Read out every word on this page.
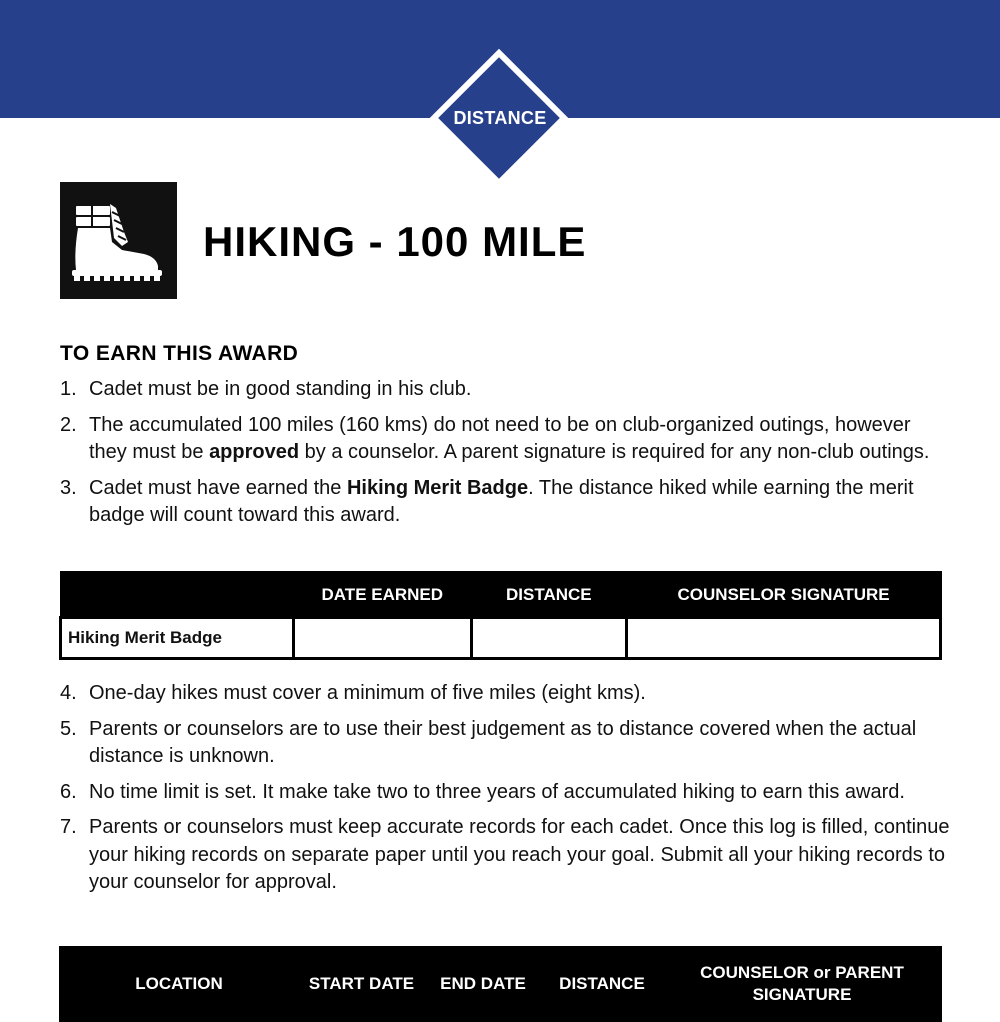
DISTANCE
HIKING - 100 MILE
TO EARN THIS AWARD
1. Cadet must be in good standing in his club.
2. The accumulated 100 miles (160 kms) do not need to be on club-organized outings, however they must be approved by a counselor. A parent signature is required for any non-club outings.
3. Cadet must have earned the Hiking Merit Badge. The distance hiked while earning the merit badge will count toward this award.
	DATE EARNED	DISTANCE	COUNSELOR SIGNATURE
Hiking Merit Badge			
4. One-day hikes must cover a minimum of five miles (eight kms).
5. Parents or counselors are to use their best judgement as to distance covered when the actual distance is unknown.
6. No time limit is set. It make take two to three years of accumulated hiking to earn this award.
7. Parents or counselors must keep accurate records for each cadet. Once this log is filled, continue your hiking records on separate paper until you reach your goal. Submit all your hiking records to your counselor for approval.
LOCATION	START DATE	END DATE	DISTANCE	COUNSELOR or PARENT SIGNATURE
